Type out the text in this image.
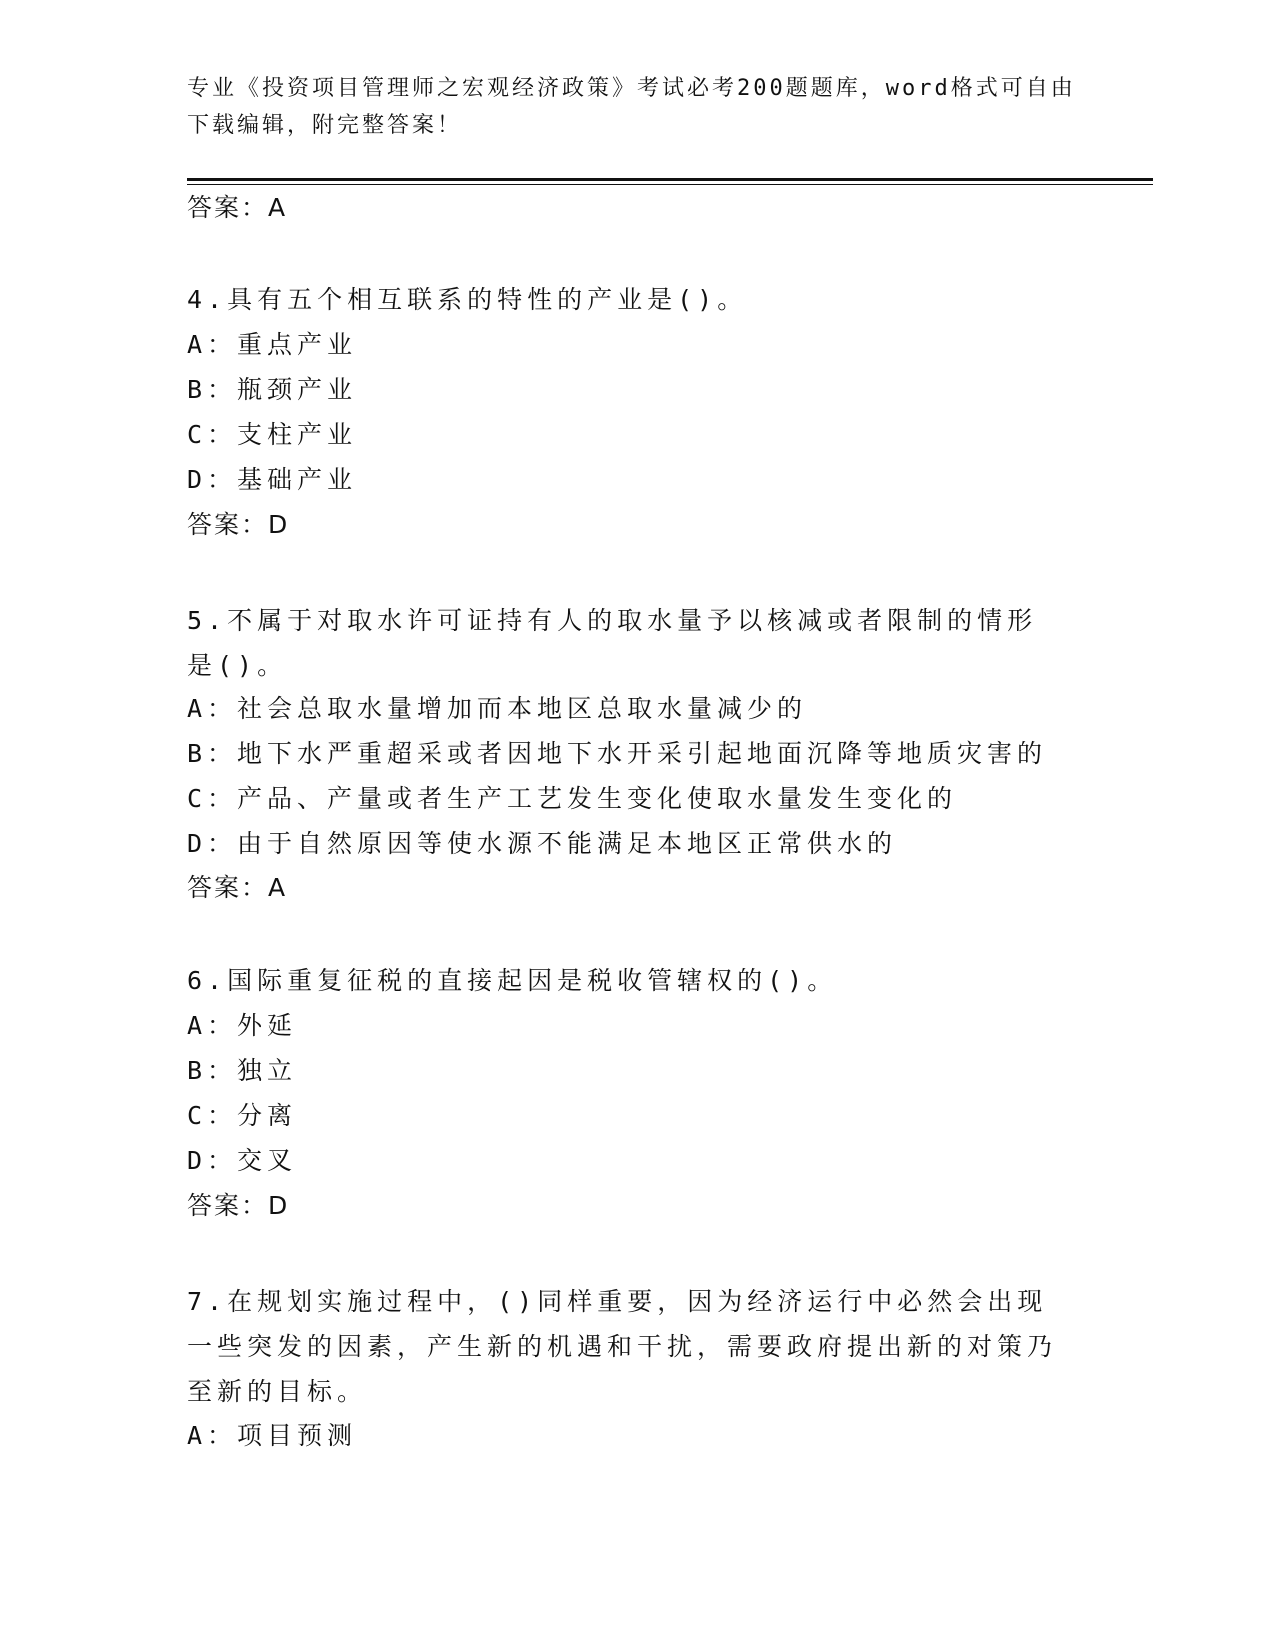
专业《投资项目管理师之宏观经济政策》考试必考200题题库，word格式可自由下载编辑，附完整答案！
答案：A
4.具有五个相互联系的特性的产业是()。
A：重点产业
B：瓶颈产业
C：支柱产业
D：基础产业
答案：D
5.不属于对取水许可证持有人的取水量予以核减或者限制的情形是()。
A：社会总取水量增加而本地区总取水量减少的
B：地下水严重超采或者因地下水开采引起地面沉降等地质灾害的
C：产品、产量或者生产工艺发生变化使取水量发生变化的
D：由于自然原因等使水源不能满足本地区正常供水的
答案：A
6.国际重复征税的直接起因是税收管辖权的()。
A：外延
B：独立
C：分离
D：交叉
答案：D
7.在规划实施过程中，()同样重要，因为经济运行中必然会出现一些突发的因素，产生新的机遇和干扰，需要政府提出新的对策乃至新的目标。
A：项目预测
